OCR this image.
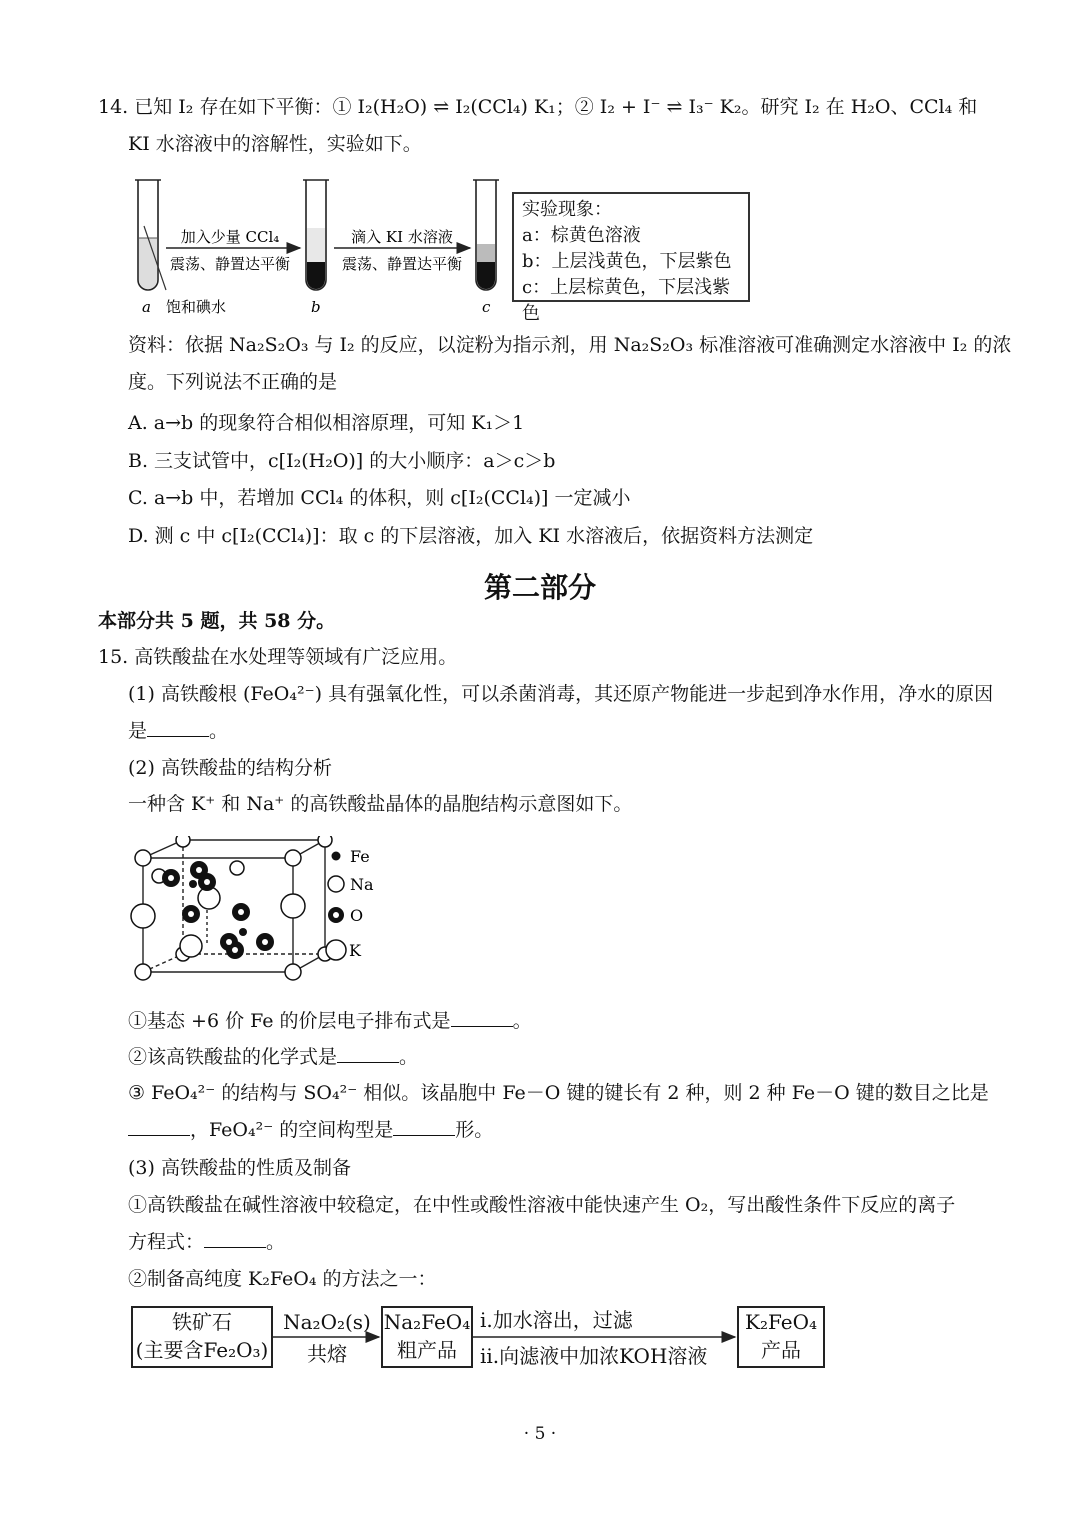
14. 已知 I₂ 存在如下平衡：① I₂(H₂O) ⇌ I₂(CCl₄) K₁；② I₂ + I⁻ ⇌ I₃⁻ K₂。研究 I₂ 在 H₂O、CCl₄ 和
KI 水溶液中的溶解性，实验如下。
加入少量 CCl₄
震荡、静置达平衡
滴入 KI 水溶液
震荡、静置达平衡
a 饱和碘水	b	c
实验现象：
a：棕黄色溶液
b：上层浅黄色，下层紫色
c：上层棕黄色，下层浅紫色
资料：依据 Na₂S₂O₃ 与 I₂ 的反应，以淀粉为指示剂，用 Na₂S₂O₃ 标准溶液可准确测定水溶液中 I₂ 的浓
度。下列说法不正确的是
A. a→b 的现象符合相似相溶原理，可知 K₁＞1
B. 三支试管中，c[I₂(H₂O)] 的大小顺序：a＞c＞b
C. a→b 中，若增加 CCl₄ 的体积，则 c[I₂(CCl₄)] 一定减小
D. 测 c 中 c[I₂(CCl₄)]：取 c 的下层溶液，加入 KI 水溶液后，依据资料方法测定
第二部分
本部分共 5 题，共 58 分。
15. 高铁酸盐在水处理等领域有广泛应用。
(1) 高铁酸根 (FeO₄²⁻) 具有强氧化性，可以杀菌消毒，其还原产物能进一步起到净水作用，净水的原因
是	。
(2) 高铁酸盐的结构分析
一种含 K⁺ 和 Na⁺ 的高铁酸盐晶体的晶胞结构示意图如下。
Fe
Na
O
K
①基态 +6 价 Fe 的价层电子排布式是	。
②该高铁酸盐的化学式是	。
③ FeO₄²⁻ 的结构与 SO₄²⁻ 相似。该晶胞中 Fe－O 键的键长有 2 种，则 2 种 Fe－O 键的数目之比是
，FeO₄²⁻ 的空间构型是	形。
(3) 高铁酸盐的性质及制备
①高铁酸盐在碱性溶液中较稳定，在中性或酸性溶液中能快速产生 O₂，写出酸性条件下反应的离子
方程式：	。
②制备高纯度 K₂FeO₄ 的方法之一：
铁矿石
(主要含Fe₂O₃)
Na₂O₂(s)
共熔
Na₂FeO₄
粗产品
i.加水溶出，过滤
ii.向滤液中加浓KOH溶液
K₂FeO₄
产品
· 5 ·
